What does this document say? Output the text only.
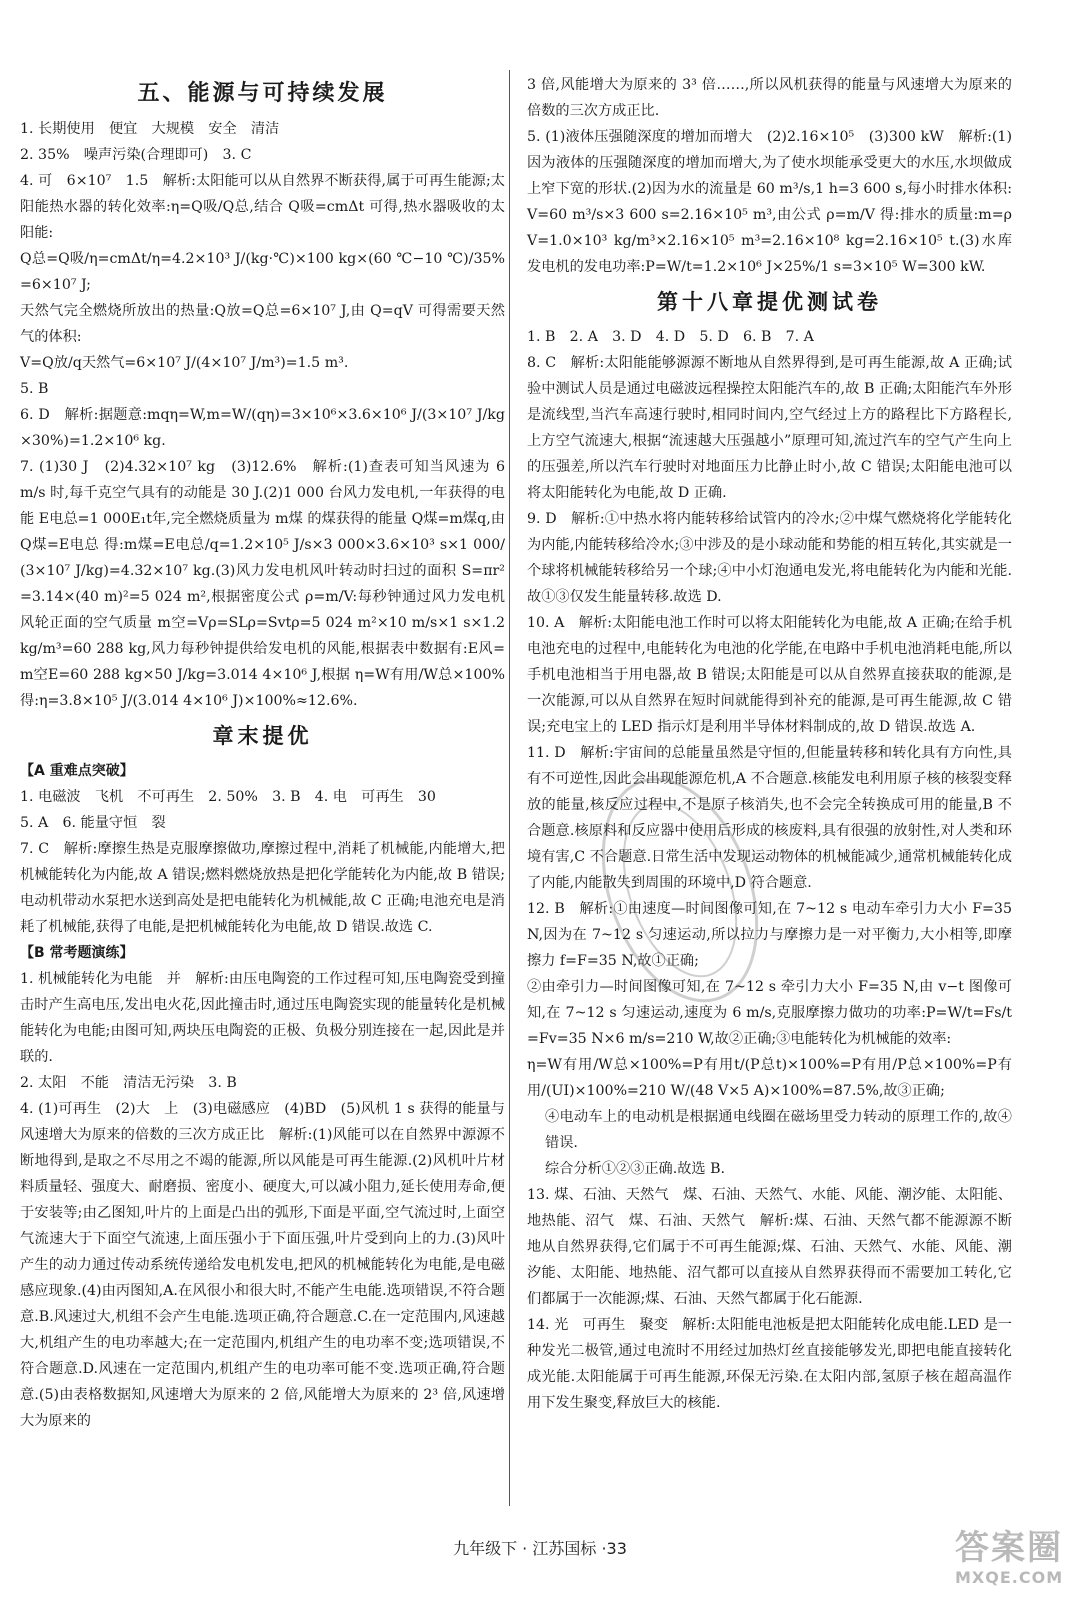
五、能源与可持续发展

1. 长期使用　便宜　大规模　安全　清洁

2. 35%　噪声污染(合理即可)　3. C

4. 可　6×10⁷　1.5　解析:太阳能可以从自然界不断获得,属于可再生能源;太阳能热水器的转化效率:η=Q吸/Q总,结合 Q吸=cmΔt 可得,热水器吸收的太阳能:

Q总=Q吸/η=cmΔt/η=4.2×10³ J/(kg·℃)×100 kg×(60 ℃−10 ℃)/35%=6×10⁷ J;

天然气完全燃烧所放出的热量:Q放=Q总=6×10⁷ J,由 Q=qV 可得需要天然气的体积:

V=Q放/q天然气=6×10⁷ J/(4×10⁷ J/m³)=1.5 m³.

5. B

6. D　解析:据题意:mqη=W,m=W/(qη)=3×10⁶×3.6×10⁶ J/(3×10⁷ J/kg×30%)=1.2×10⁶ kg.

7. (1)30 J　(2)4.32×10⁷ kg　(3)12.6%　解析:(1)查表可知当风速为 6 m/s 时,每千克空气具有的动能是 30 J.(2)1 000 台风力发电机,一年获得的电能 E电总=1 000E₁t年,完全燃烧质量为 m煤 的煤获得的能量 Q煤=m煤q,由 Q煤=E电总 得:m煤=E电总/q=1.2×10⁵ J/s×3 000×3.6×10³ s×1 000/(3×10⁷ J/kg)=4.32×10⁷ kg.(3)风力发电机风叶转动时扫过的面积 S=πr²=3.14×(40 m)²=5 024 m²,根据密度公式 ρ=m/V:每秒钟通过风力发电机风轮正面的空气质量 m空=Vρ=SLρ=Svtρ=5 024 m²×10 m/s×1 s×1.2 kg/m³=60 288 kg,风力每秒钟提供给发电机的风能,根据表中数据有:E风=m空E=60 288 kg×50 J/kg=3.014 4×10⁶ J,根据 η=W有用/W总×100%得:η=3.8×10⁵ J/(3.014 4×10⁶ J)×100%≈12.6%.

章末提优
【A 重难点突破】

1. 电磁波　飞机　不可再生　2. 50%　3. B　4. 电　可再生　30

5. A　6. 能量守恒　裂

7. C　解析:摩擦生热是克服摩擦做功,摩擦过程中,消耗了机械能,内能增大,把机械能转化为内能,故 A 错误;燃料燃烧放热是把化学能转化为内能,故 B 错误;电动机带动水泵把水送到高处是把电能转化为机械能,故 C 正确;电池充电是消耗了机械能,获得了电能,是把机械能转化为电能,故 D 错误.故选 C.

【B 常考题演练】

1. 机械能转化为电能　并　解析:由压电陶瓷的工作过程可知,压电陶瓷受到撞击时产生高电压,发出电火花,因此撞击时,通过压电陶瓷实现的能量转化是机械能转化为电能;由图可知,两块压电陶瓷的正极、负极分别连接在一起,因此是并联的.

2. 太阳　不能　清洁无污染　3. B

4. (1)可再生　(2)大　上　(3)电磁感应　(4)BD　(5)风机 1 s 获得的能量与风速增大为原来的倍数的三次方成正比　解析:(1)风能可以在自然界中源源不断地得到,是取之不尽用之不竭的能源,所以风能是可再生能源.(2)风机叶片材料质量轻、强度大、耐磨损、密度小、硬度大,可以减小阻力,延长使用寿命,便于安装等;由乙图知,叶片的上面是凸出的弧形,下面是平面,空气流过时,上面空气流速大于下面空气流速,上面压强小于下面压强,叶片受到向上的力.(3)风叶产生的动力通过传动系统传递给发电机发电,把风的机械能转化为电能,是电磁感应现象.(4)由丙图知,A.在风很小和很大时,不能产生电能.选项错误,不符合题意.B.风速过大,机组不会产生电能.选项正确,符合题意.C.在一定范围内,风速越大,机组产生的电功率越大;在一定范围内,机组产生的电功率不变;选项错误,不符合题意.D.风速在一定范围内,机组产生的电功率可能不变.选项正确,符合题意.(5)由表格数据知,风速增大为原来的 2 倍,风能增大为原来的 2³ 倍,风速增大为原来的

3 倍,风能增大为原来的 3³ 倍……,所以风机获得的能量与风速增大为原来的倍数的三次方成正比.

5. (1)液体压强随深度的增加而增大　(2)2.16×10⁵　(3)300 kW　解析:(1)因为液体的压强随深度的增加而增大,为了使水坝能承受更大的水压,水坝做成上窄下宽的形状.(2)因为水的流量是 60 m³/s,1 h=3 600 s,每小时排水体积:V=60 m³/s×3 600 s=2.16×10⁵ m³,由公式 ρ=m/V 得:排水的质量:m=ρV=1.0×10³ kg/m³×2.16×10⁵ m³=2.16×10⁸ kg=2.16×10⁵ t.(3)水库发电机的发电功率:P=W/t=1.2×10⁶ J×25%/1 s=3×10⁵ W=300 kW.

第十八章提优测试卷

1. B　2. A　3. D　4. D　5. D　6. B　7. A

8. C　解析:太阳能能够源源不断地从自然界得到,是可再生能源,故 A 正确;试验中测试人员是通过电磁波远程操控太阳能汽车的,故 B 正确;太阳能汽车外形是流线型,当汽车高速行驶时,相同时间内,空气经过上方的路程比下方路程长,上方空气流速大,根据“流速越大压强越小”原理可知,流过汽车的空气产生向上的压强差,所以汽车行驶时对地面压力比静止时小,故 C 错误;太阳能电池可以将太阳能转化为电能,故 D 正确.

9. D　解析:①中热水将内能转移给试管内的冷水;②中煤气燃烧将化学能转化为内能,内能转移给冷水;③中涉及的是小球动能和势能的相互转化,其实就是一个球将机械能转移给另一个球;④中小灯泡通电发光,将电能转化为内能和光能.故①③仅发生能量转移.故选 D.

10. A　解析:太阳能电池工作时可以将太阳能转化为电能,故 A 正确;在给手机电池充电的过程中,电能转化为电池的化学能,在电路中手机电池消耗电能,所以手机电池相当于用电器,故 B 错误;太阳能是可以从自然界直接获取的能源,是一次能源,可以从自然界在短时间就能得到补充的能源,是可再生能源,故 C 错误;充电宝上的 LED 指示灯是利用半导体材料制成的,故 D 错误.故选 A.

11. D　解析:宇宙间的总能量虽然是守恒的,但能量转移和转化具有方向性,具有不可逆性,因此会出现能源危机,A 不合题意.核能发电利用原子核的核裂变释放的能量,核反应过程中,不是原子核消失,也不会完全转换成可用的能量,B 不合题意.核原料和反应器中使用后形成的核废料,具有很强的放射性,对人类和环境有害,C 不合题意.日常生活中发现运动物体的机械能减少,通常机械能转化成了内能,内能散失到周围的环境中,D 符合题意.

12. B　解析:①由速度—时间图像可知,在 7~12 s 电动车牵引力大小 F=35 N,因为在 7~12 s 匀速运动,所以拉力与摩擦力是一对平衡力,大小相等,即摩擦力 f=F=35 N,故①正确;

②由牵引力—时间图像可知,在 7~12 s 牵引力大小 F=35 N,由 v−t 图像可知,在 7~12 s 匀速运动,速度为 6 m/s,克服摩擦力做功的功率:P=W/t=Fs/t=Fv=35 N×6 m/s=210 W,故②正确;③电能转化为机械能的效率:

η=W有用/W总×100%=P有用t/(P总t)×100%=P有用/P总×100%=P有用/(UI)×100%=210 W/(48 V×5 A)×100%=87.5%,故③正确;

④电动车上的电动机是根据通电线圈在磁场里受力转动的原理工作的,故④错误.

综合分析①②③正确.故选 B.

13. 煤、石油、天然气　煤、石油、天然气、水能、风能、潮汐能、太阳能、地热能、沼气　煤、石油、天然气　解析:煤、石油、天然气都不能源源不断地从自然界获得,它们属于不可再生能源;煤、石油、天然气、水能、风能、潮汐能、太阳能、地热能、沼气都可以直接从自然界获得而不需要加工转化,它们都属于一次能源;煤、石油、天然气都属于化石能源.

14. 光　可再生　聚变　解析:太阳能电池板是把太阳能转化成电能.LED 是一种发光二极管,通过电流时不用经过加热灯丝直接能够发光,即把电能直接转化成光能.太阳能属于可再生能源,环保无污染.在太阳内部,氢原子核在超高温作用下发生聚变,释放巨大的核能.

九年级下 · 江苏国标 ·33	答案圈
MXQE.COM
